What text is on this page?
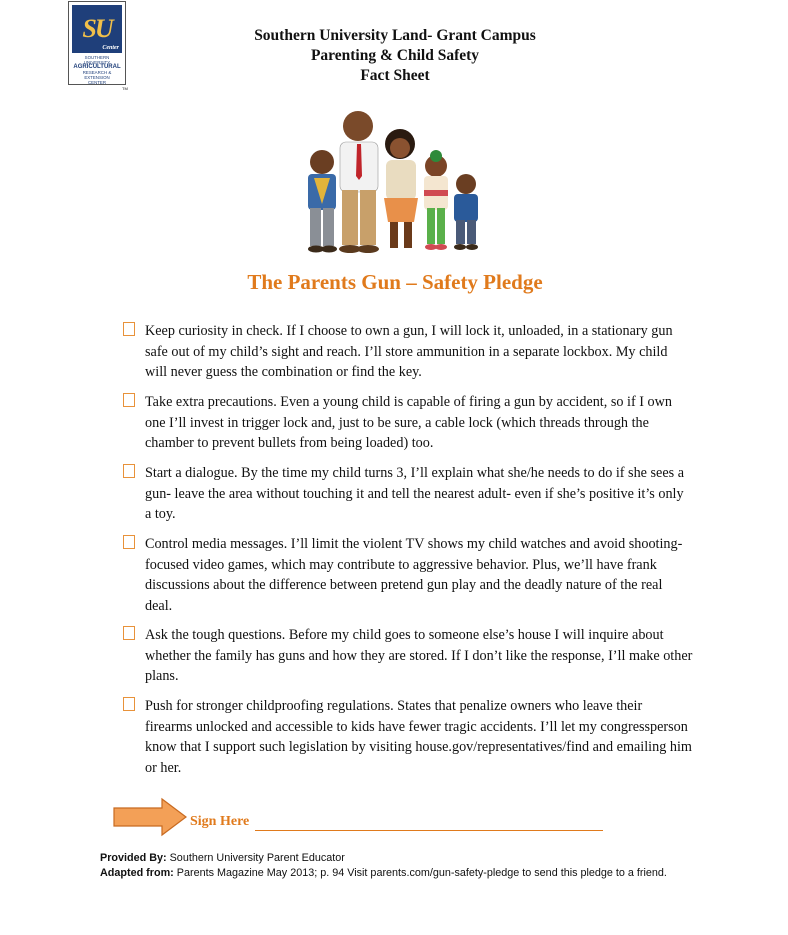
SU
Center
SOUTHERN UNIVERSITY
AGRICULTURAL
RESEARCH & EXTENSION
CENTER
TM
Southern University Land- Grant Campus
Parenting & Child Safety
Fact Sheet
The Parents Gun – Safety Pledge
Keep curiosity in check. If I choose to own a gun, I will lock it, unloaded, in a stationary gun safe out of my child’s sight and reach. I’ll store ammunition in a separate lockbox. My child will never guess the combination or find the key.
Take extra precautions. Even a young child is capable of firing a gun by accident, so if I own one I’ll invest in trigger lock and, just to be sure, a cable lock (which threads through the chamber to prevent bullets from being loaded) too.
Start a dialogue. By the time my child turns 3, I’ll explain what she/he needs to do if she sees a gun- leave the area without touching it and tell the nearest adult- even if she’s positive it’s only a toy.
Control media messages. I’ll limit the violent TV shows my child watches and avoid shooting-focused video games, which may contribute to aggressive behavior. Plus, we’ll have frank discussions about the difference between pretend gun play and the deadly nature of the real deal.
Ask the tough questions. Before my child goes to someone else’s house I will inquire about whether the family has guns and how they are stored. If I don’t like the response, I’ll make other plans.
Push for stronger childproofing regulations. States that penalize owners who leave their firearms unlocked and accessible to kids have fewer tragic accidents. I’ll let my congressperson know that I support such legislation by visiting house.gov/representatives/find and emailing him or her.
Sign Here
Provided By: Southern University Parent Educator
Adapted from: Parents Magazine May 2013; p. 94 Visit parents.com/gun-safety-pledge to send this pledge to a friend.
